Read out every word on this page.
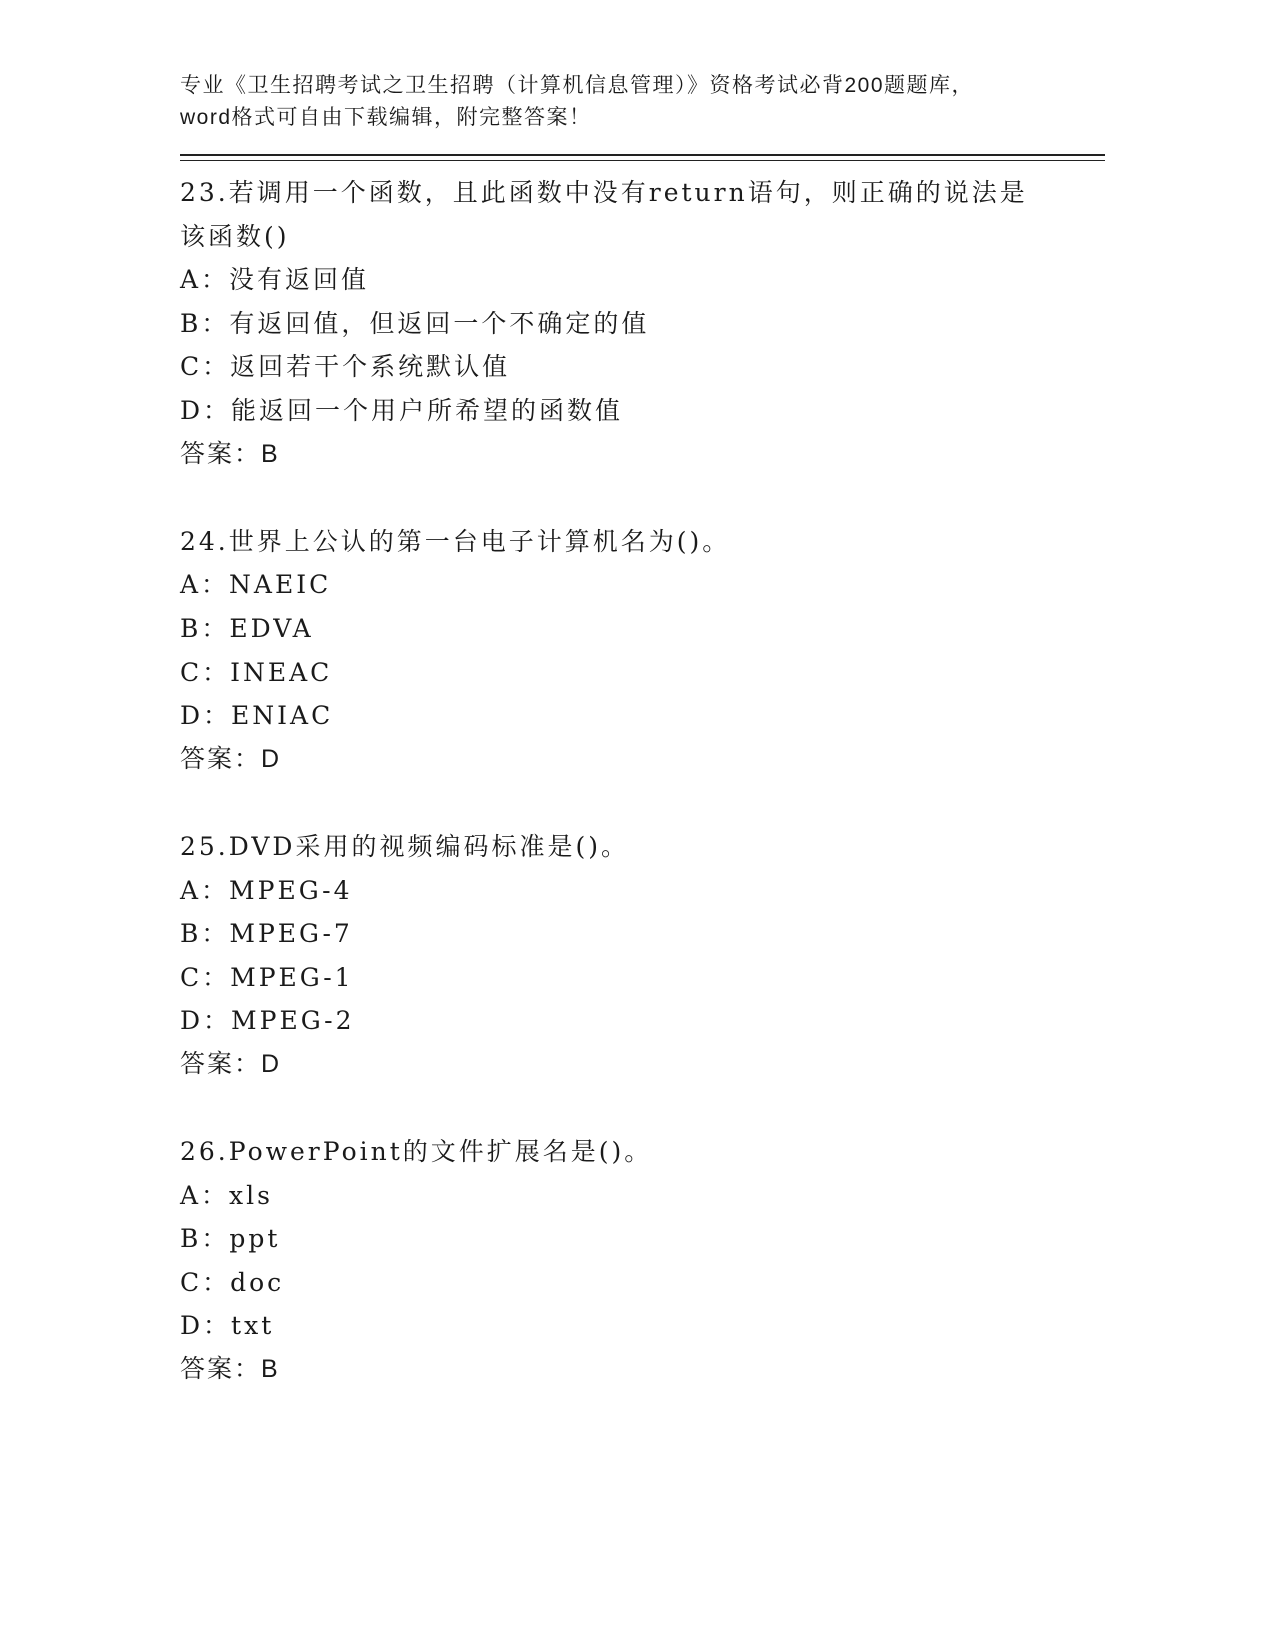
专业《卫生招聘考试之卫生招聘（计算机信息管理）》资格考试必背200题题库，
word格式可自由下载编辑，附完整答案！
23.若调用一个函数，且此函数中没有return语句，则正确的说法是
该函数()
A：没有返回值
B：有返回值，但返回一个不确定的值
C：返回若干个系统默认值
D：能返回一个用户所希望的函数值
答案：B
24.世界上公认的第一台电子计算机名为()。
A：NAEIC
B：EDVA
C：INEAC
D：ENIAC
答案：D
25.DVD采用的视频编码标准是()。
A：MPEG-4
B：MPEG-7
C：MPEG-1
D：MPEG-2
答案：D
26.PowerPoint的文件扩展名是()。
A：xls
B：ppt
C：doc
D：txt
答案：B
